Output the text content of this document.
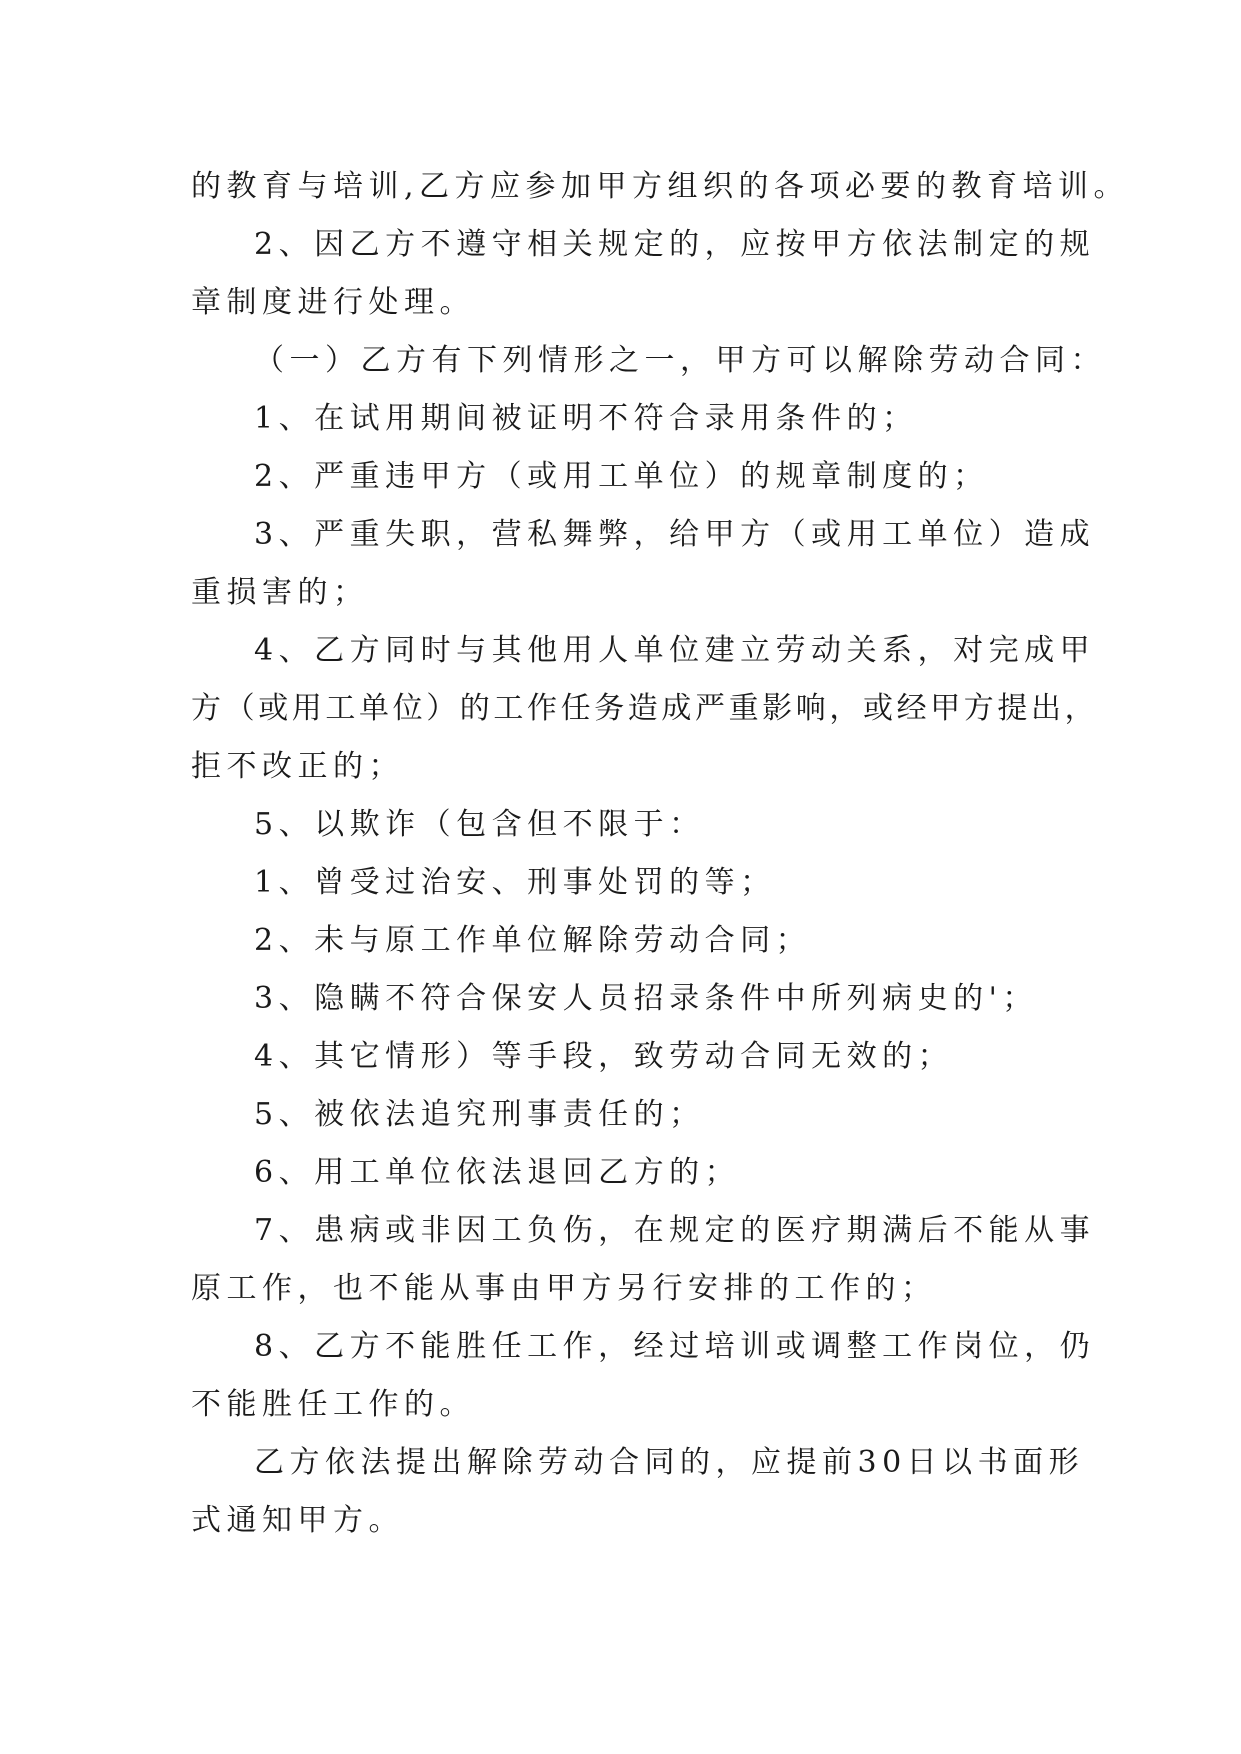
的教育与培训,乙方应参加甲方组织的各项必要的教育培训。

2、因乙方不遵守相关规定的，应按甲方依法制定的规

章制度进行处理。

（一）乙方有下列情形之一，甲方可以解除劳动合同：

1、在试用期间被证明不符合录用条件的；

2、严重违甲方（或用工单位）的规章制度的；

3、严重失职，营私舞弊，给甲方（或用工单位）造成

重损害的；

4、乙方同时与其他用人单位建立劳动关系，对完成甲

方（或用工单位）的工作任务造成严重影响，或经甲方提出，

拒不改正的；

5、以欺诈（包含但不限于：

1、曾受过治安、刑事处罚的等；

2、未与原工作单位解除劳动合同；

3、隐瞒不符合保安人员招录条件中所列病史的'；

4、其它情形）等手段，致劳动合同无效的；

5、被依法追究刑事责任的；

6、用工单位依法退回乙方的；

7、患病或非因工负伤，在规定的医疗期满后不能从事

原工作，也不能从事由甲方另行安排的工作的；

8、乙方不能胜任工作，经过培训或调整工作岗位，仍

不能胜任工作的。

乙方依法提出解除劳动合同的，应提前30日以书面形

式通知甲方。
